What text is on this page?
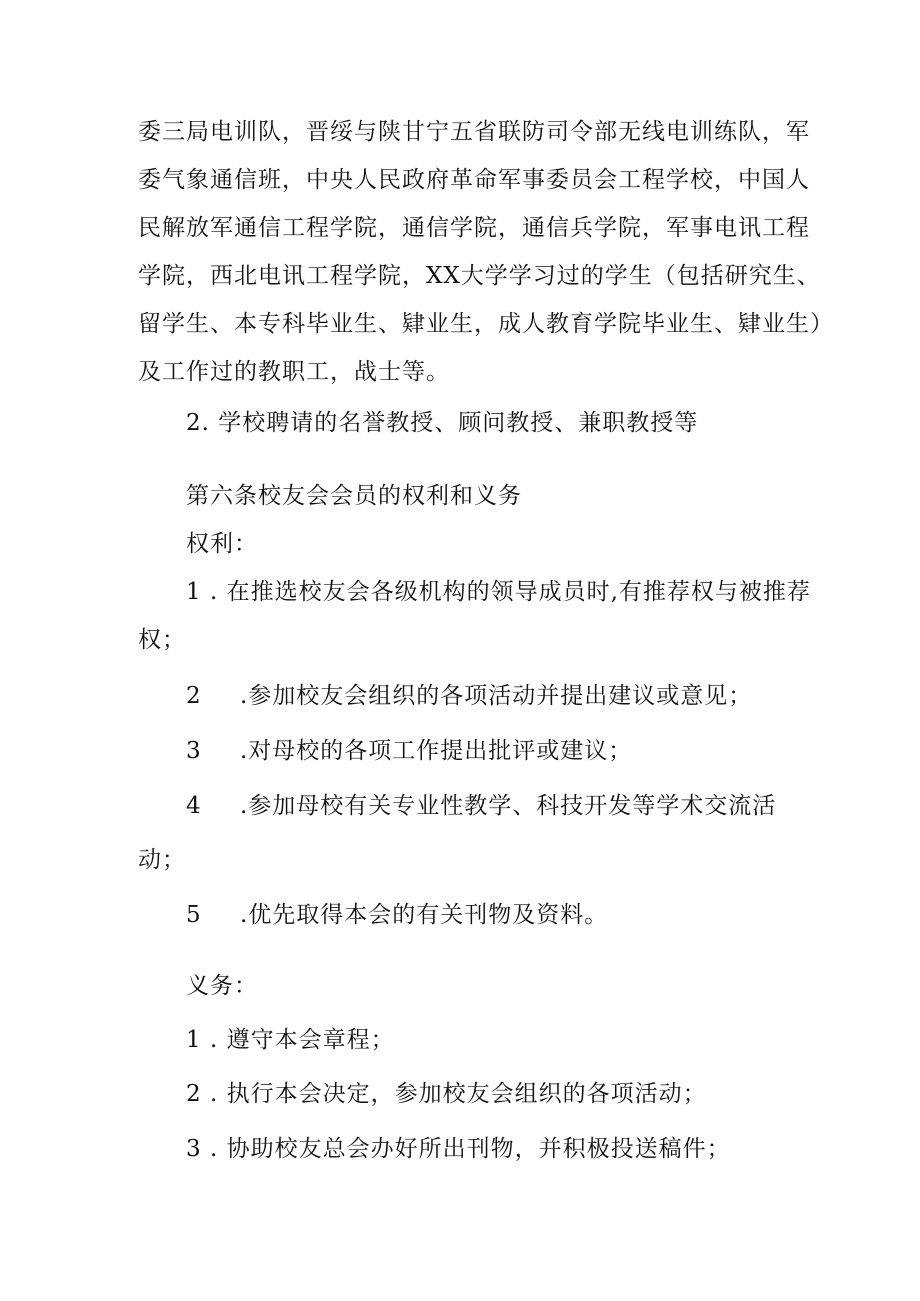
委三局电训队，晋绥与陕甘宁五省联防司令部无线电训练队，军
委气象通信班，中央人民政府革命军事委员会工程学校，中国人
民解放军通信工程学院，通信学院，通信兵学院，军事电讯工程
学院，西北电讯工程学院，XX大学学习过的学生（包括研究生、
留学生、本专科毕业生、肄业生，成人教育学院毕业生、肄业生）
及工作过的教职工，战士等。
2. 学校聘请的名誉教授、顾问教授、兼职教授等
第六条校友会会员的权利和义务
权利：
1 . 在推选校友会各级机构的领导成员时,有推荐权与被推荐
权；
2 .参加校友会组织的各项活动并提出建议或意见；
3 .对母校的各项工作提出批评或建议；
4 .参加母校有关专业性教学、科技开发等学术交流活
动；
5 .优先取得本会的有关刊物及资料。
义务：
1 . 遵守本会章程；
2 . 执行本会决定，参加校友会组织的各项活动；
3 . 协助校友总会办好所出刊物，并积极投送稿件；
